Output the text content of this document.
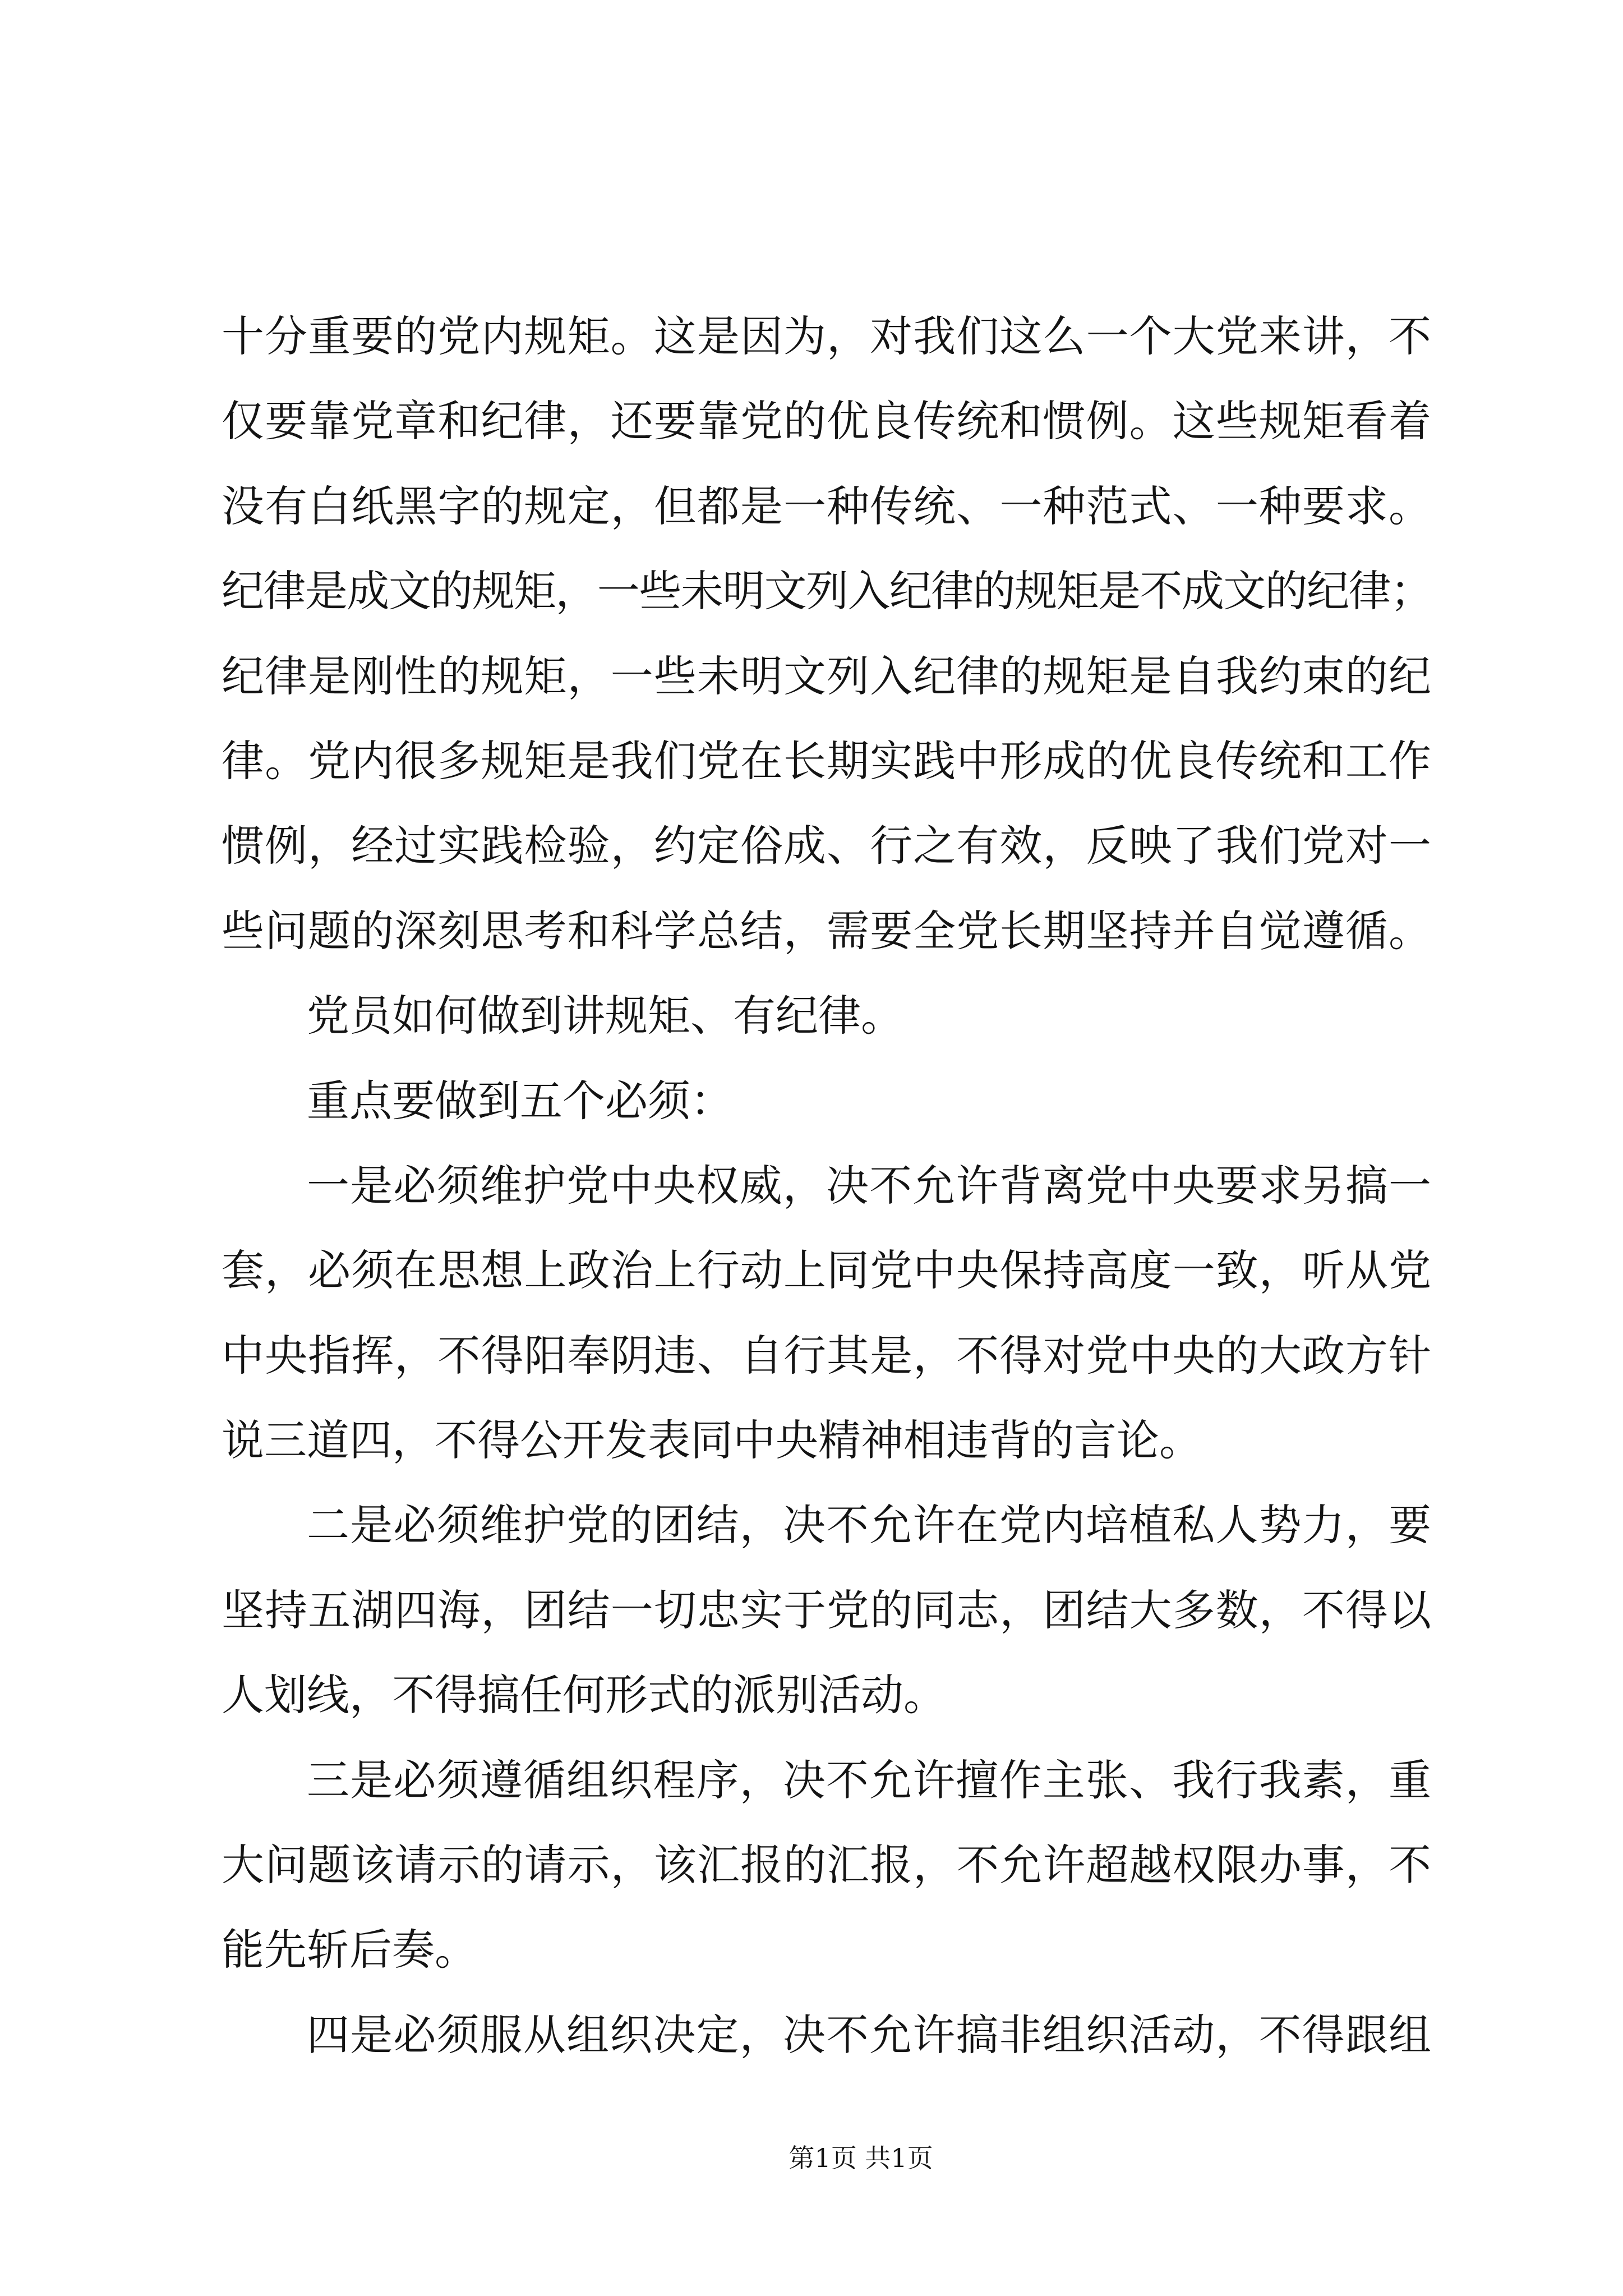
十分重要的党内规矩。这是因为，对我们这么一个大党来讲，不
仅要靠党章和纪律，还要靠党的优良传统和惯例。这些规矩看着
没有白纸黑字的规定，但都是一种传统、一种范式、一种要求。
纪律是成文的规矩，一些未明文列入纪律的规矩是不成文的纪律；
纪律是刚性的规矩，一些未明文列入纪律的规矩是自我约束的纪
律。党内很多规矩是我们党在长期实践中形成的优良传统和工作
惯例，经过实践检验，约定俗成、行之有效，反映了我们党对一
些问题的深刻思考和科学总结，需要全党长期坚持并自觉遵循。
党员如何做到讲规矩、有纪律。
重点要做到五个必须：
一是必须维护党中央权威，决不允许背离党中央要求另搞一
套，必须在思想上政治上行动上同党中央保持高度一致，听从党
中央指挥，不得阳奉阴违、自行其是，不得对党中央的大政方针
说三道四，不得公开发表同中央精神相违背的言论。
二是必须维护党的团结，决不允许在党内培植私人势力，要
坚持五湖四海，团结一切忠实于党的同志，团结大多数，不得以
人划线，不得搞任何形式的派别活动。
三是必须遵循组织程序，决不允许擅作主张、我行我素，重
大问题该请示的请示，该汇报的汇报，不允许超越权限办事，不
能先斩后奏。
四是必须服从组织决定，决不允许搞非组织活动，不得跟组
第1页 共1页
